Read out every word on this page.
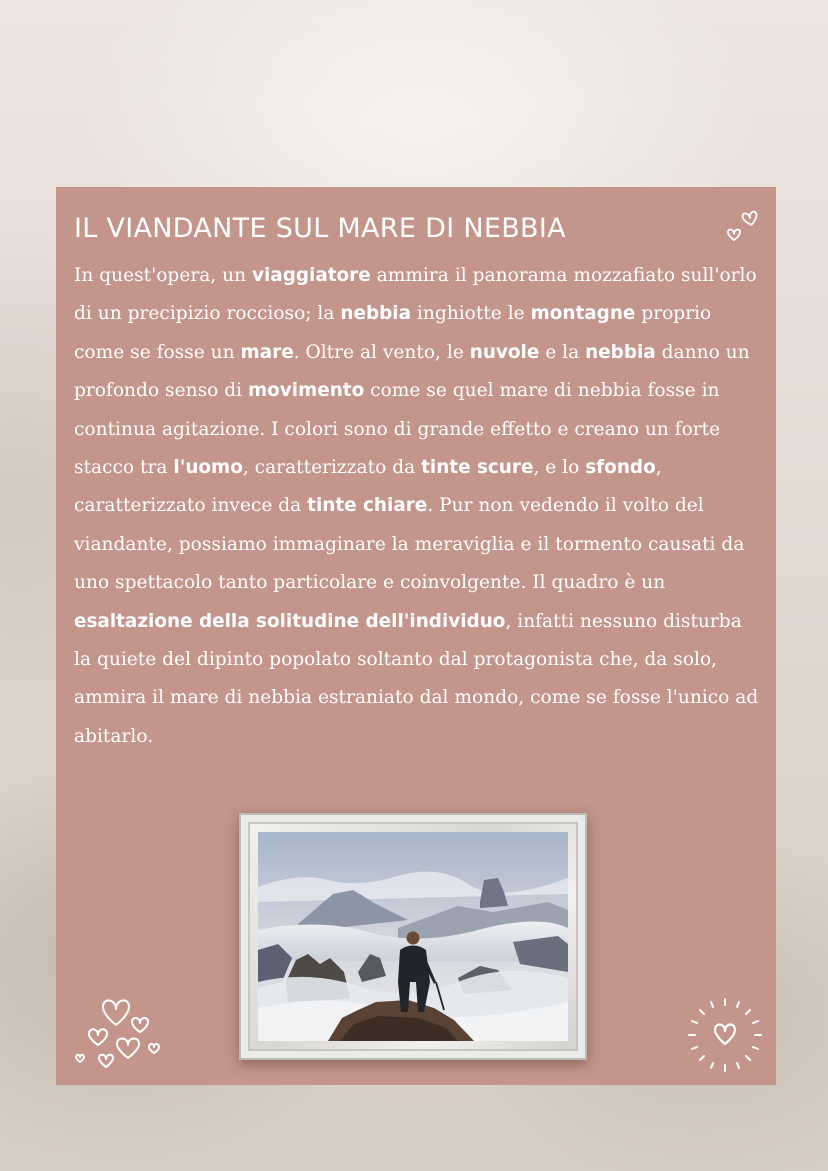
IL VIANDANTE SUL MARE DI NEBBIA

In quest'opera, un viaggiatore ammira il panorama mozzafiato sull'orlo di un precipizio roccioso; la nebbia inghiotte le montagne proprio come se fosse un mare. Oltre al vento, le nuvole e la nebbia danno un profondo senso di movimento come se quel mare di nebbia fosse in continua agitazione. I colori sono di grande effetto e creano un forte stacco tra l'uomo, caratterizzato da tinte scure, e lo sfondo, caratterizzato invece da tinte chiare. Pur non vedendo il volto del viandante, possiamo immaginare la meraviglia e il tormento causati da uno spettacolo tanto particolare e coinvolgente. Il quadro è un esaltazione della solitudine dell'individuo, infatti nessuno disturba la quiete del dipinto popolato soltanto dal protagonista che, da solo, ammira il mare di nebbia estraniato dal mondo, come se fosse l'unico ad abitarlo.
